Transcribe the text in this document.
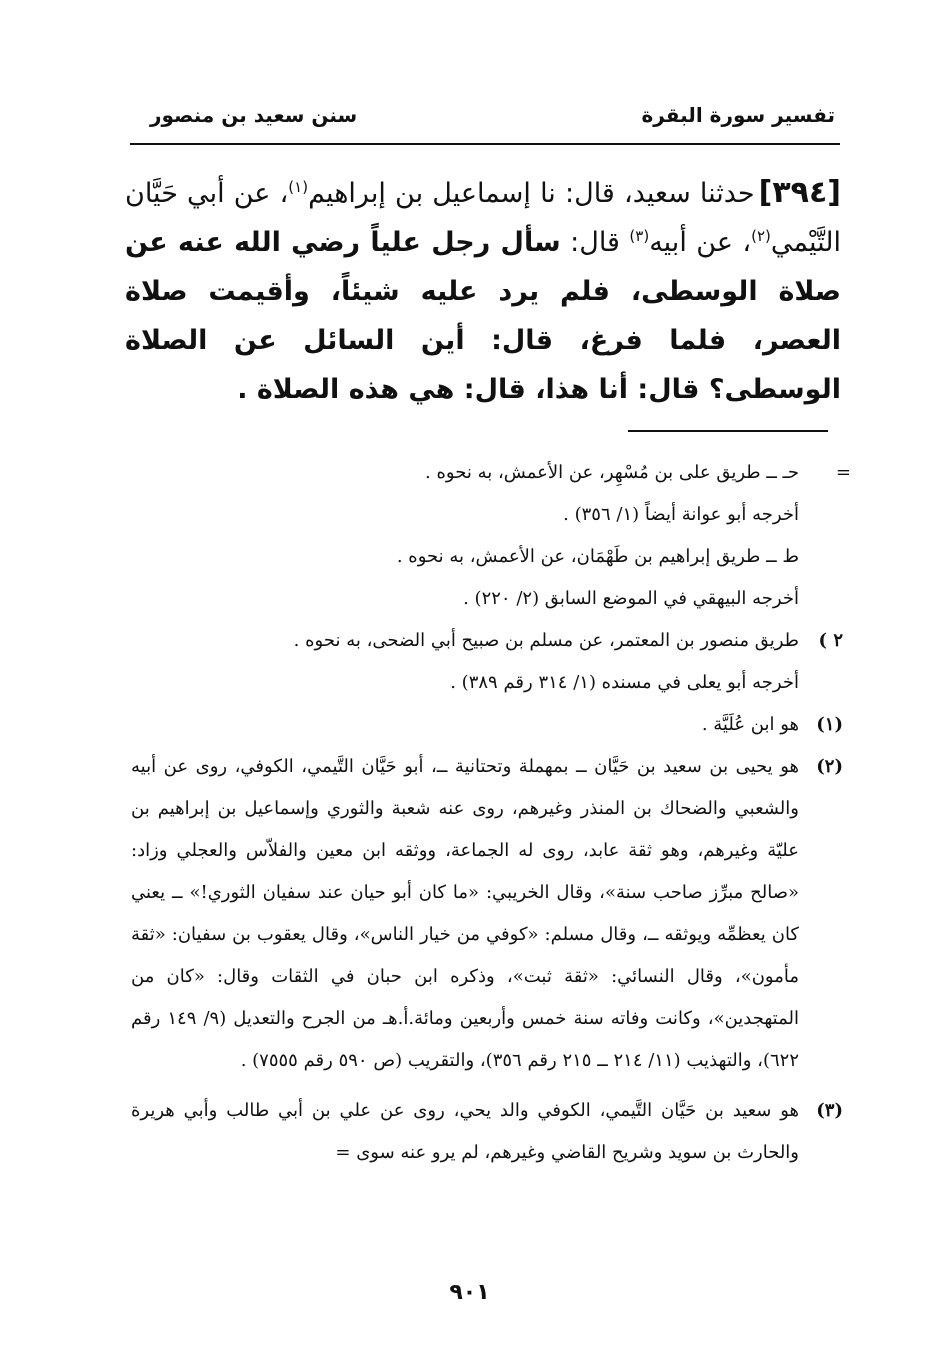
تفسير سورة البقرة
سنن سعيد بن منصور
[٣٩٤]حدثنا سعيد، قال: نا إسماعيل بن إبراهيم$^{(١)}$، عن أبي حَيَّان التَّيْمي$^{(٢)}$، عن أبيه$^{(٣)}$ قال: سأل رجل علياً رضي الله عنه عن صلاة الوسطى، فلم يرد عليه شيئاً، وأقيمت صلاة العصر، فلما فرغ، قال: أين السائل عن الصلاة الوسطى؟ قال: أنا هذا، قال: هي هذه الصلاة .
=
حـ ــ طريق على بن مُسْهِر، عن الأعمش، به نحوه .
أخرجه أبو عوانة أيضاً (١/ ٣٥٦) .
ط ــ طريق إبراهيم بن طَهْمَان، عن الأعمش، به نحوه .
أخرجه البيهقي في الموضع السابق (٢/ ٢٢٠) .
٢ )
طريق منصور بن المعتمر، عن مسلم بن صبيح أبي الضحى، به نحوه .
أخرجه أبو يعلى في مسنده (١/ ٣١٤ رقم ٣٨٩) .
(١)
هو ابن عُلَيَّة .
(٢)
هو يحيى بن سعيد بن حَيَّان ــ بمهملة وتحتانية ــ، أبو حَيَّان التَّيمي، الكوفي، روى عن أبيه والشعبي والضحاك بن المنذر وغيرهم، روى عنه شعبة والثوري وإسماعيل بن إبراهيم بن عليّة وغيرهم، وهو ثقة عابد، روى له الجماعة، ووثقه ابن معين والفلاّس والعجلي وزاد: «صالح مبرِّز صاحب سنة»، وقال الخريبي: «ما كان أبو حيان عند سفيان الثوري!» ــ يعني كان يعظمِّه ويوثقه ــ، وقال مسلم: «كوفي من خيار الناس»، وقال يعقوب بن سفيان: «ثقة مأمون»، وقال النسائي: «ثقة ثبت»، وذكره ابن حبان في الثقات وقال: «كان من المتهجدين»، وكانت وفاته سنة خمس وأربعين ومائة.أ.هـ من الجرح والتعديل (٩/ ١٤٩ رقم ٦٢٢)، والتهذيب (١١/ ٢١٤ ــ ٢١٥ رقم ٣٥٦)، والتقريب (ص ٥٩٠ رقم ٧٥٥٥) .
(٣)
هو سعيد بن حَيَّان التَّيمي، الكوفي والد يحي، روى عن علي بن أبي طالب وأبي هريرة والحارث بن سويد وشريح القاضي وغيرهم، لم يرو عنه سوى =
٩٠١
